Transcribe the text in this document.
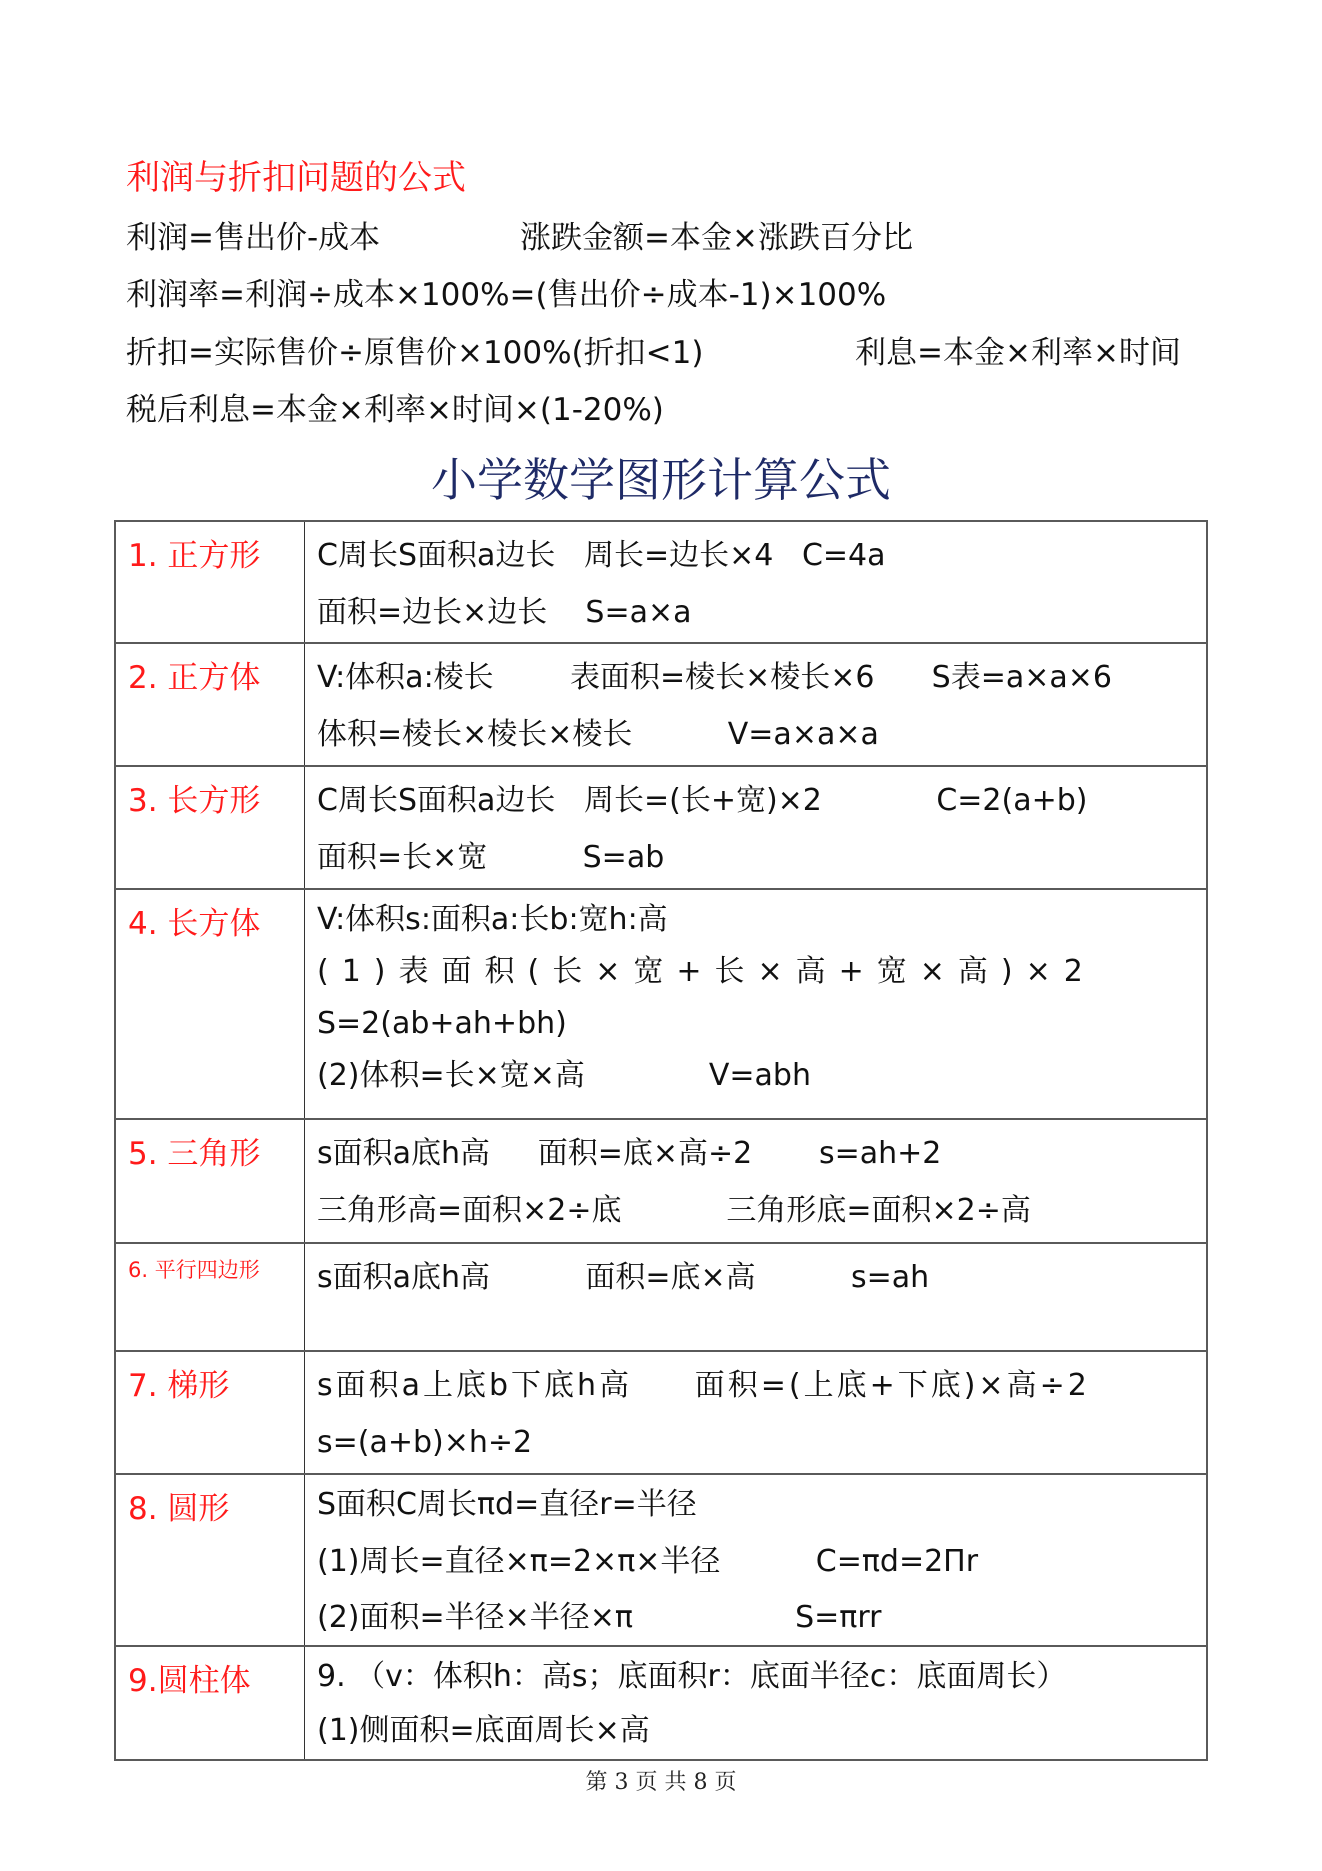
利润与折扣问题的公式
利润=售出价-成本	涨跌金额=本金×涨跌百分比
利润率=利润÷成本×100%=(售出价÷成本-1)×100%
折扣=实际售价÷原售价×100%(折扣<1)	利息=本金×利率×时间
税后利息=本金×利率×时间×(1-20%)
小学数学图形计算公式
1. 正方形 C周长S面积a边长   周长=边长×4   C=4a
面积=边长×边长    S=a×a
2. 正方体 V:体积a:棱长        表面积=棱长×棱长×6      S表=a×a×6
体积=棱长×棱长×棱长          V=a×a×a
3. 长方形 C周长S面积a边长   周长=(长+宽)×2            C=2(a+b)
面积=长×宽          S=ab
4. 长方体 V:体积s:面积a:长b:宽h:高
(1)表面积(长×宽+长×高+宽×高)×2
S=2(ab+ah+bh)
(2)体积=长×宽×高             V=abh
5. 三角形 s面积a底h高     面积=底×高÷2       s=ah+2
三角形高=面积×2÷底           三角形底=面积×2÷高
6. 平行四边形 s面积a底h高          面积=底×高          s=ah
7. 梯形	s面积a上底b下底h高     面积=(上底+下底)×高÷2
s=(a+b)×h÷2
8. 圆形	S面积C周长πd=直径r=半径
(1)周长=直径×π=2×π×半径          C=πd=2Πr
(2)面积=半径×半径×π                 S=πrr
9.圆柱体 9. （v：体积h：高s；底面积r：底面半径c：底面周长）
(1)侧面积=底面周长×高
第 3 页 共 8 页
